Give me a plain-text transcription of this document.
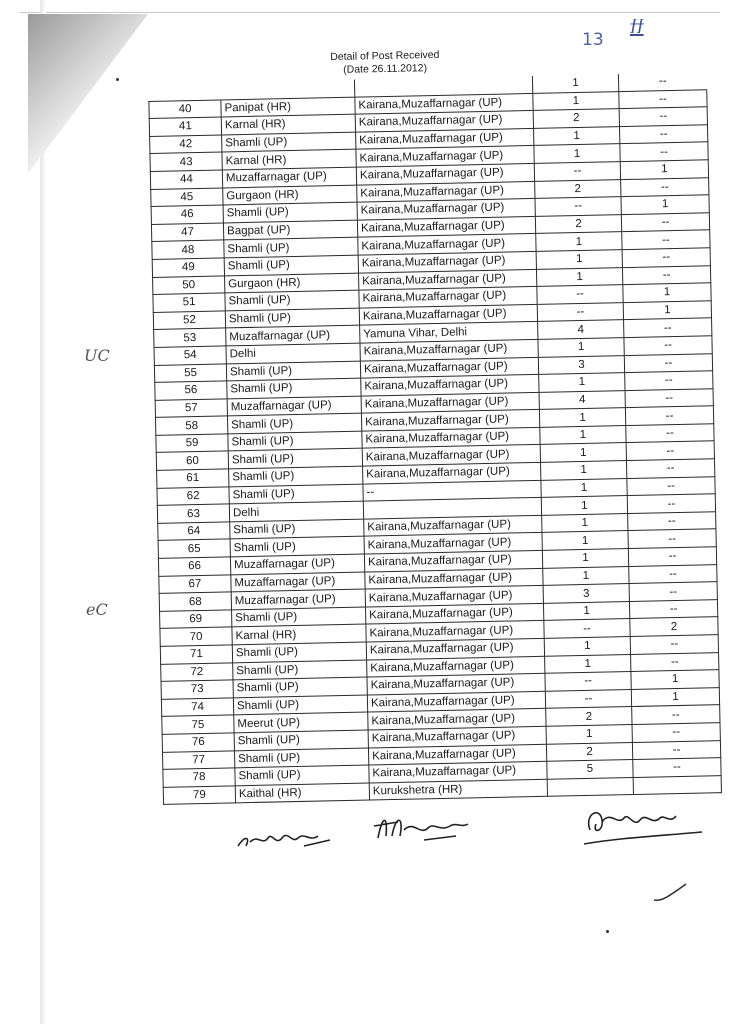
13
ϯϯ
Detail of Post Received
(Date 26.11.2012)
			1	--
40	Panipat (HR)	Kairana,Muzaffarnagar (UP)	1	--
41	Karnal (HR)	Kairana,Muzaffarnagar (UP)	2	--
42	Shamli (UP)	Kairana,Muzaffarnagar (UP)	1	--
43	Karnal (HR)	Kairana,Muzaffarnagar (UP)	1	--
44	Muzaffarnagar (UP)	Kairana,Muzaffarnagar (UP)	--	1
45	Gurgaon (HR)	Kairana,Muzaffarnagar (UP)	2	--
46	Shamli (UP)	Kairana,Muzaffarnagar (UP)	--	1
47	Bagpat (UP)	Kairana,Muzaffarnagar (UP)	2	--
48	Shamli (UP)	Kairana,Muzaffarnagar (UP)	1	--
49	Shamli (UP)	Kairana,Muzaffarnagar (UP)	1	--
50	Gurgaon (HR)	Kairana,Muzaffarnagar (UP)	1	--
51	Shamli (UP)	Kairana,Muzaffarnagar (UP)	--	1
52	Shamli (UP)	Kairana,Muzaffarnagar (UP)	--	1
53	Muzaffarnagar (UP)	Yamuna Vihar, Delhi	4	--
54	Delhi	Kairana,Muzaffarnagar (UP)	1	--
55	Shamli (UP)	Kairana,Muzaffarnagar (UP)	3	--
56	Shamli (UP)	Kairana,Muzaffarnagar (UP)	1	--
57	Muzaffarnagar (UP)	Kairana,Muzaffarnagar (UP)	4	--
58	Shamli (UP)	Kairana,Muzaffarnagar (UP)	1	--
59	Shamli (UP)	Kairana,Muzaffarnagar (UP)	1	--
60	Shamli (UP)	Kairana,Muzaffarnagar (UP)	1	--
61	Shamli (UP)	Kairana,Muzaffarnagar (UP)	1	--
62	Shamli (UP)	--	1	--
63	Delhi		1	--
64	Shamli (UP)	Kairana,Muzaffarnagar (UP)	1	--
65	Shamli (UP)	Kairana,Muzaffarnagar (UP)	1	--
66	Muzaffarnagar (UP)	Kairana,Muzaffarnagar (UP)	1	--
67	Muzaffarnagar (UP)	Kairana,Muzaffarnagar (UP)	1	--
68	Muzaffarnagar (UP)	Kairana,Muzaffarnagar (UP)	3	--
69	Shamli (UP)	Kairana,Muzaffarnagar (UP)	1	--
70	Karnal (HR)	Kairana,Muzaffarnagar (UP)	--	2
71	Shamli (UP)	Kairana,Muzaffarnagar (UP)	1	--
72	Shamli (UP)	Kairana,Muzaffarnagar (UP)	1	--
73	Shamli (UP)	Kairana,Muzaffarnagar (UP)	--	1
74	Shamli (UP)	Kairana,Muzaffarnagar (UP)	--	1
75	Meerut (UP)	Kairana,Muzaffarnagar (UP)	2	--
76	Shamli (UP)	Kairana,Muzaffarnagar (UP)	1	--
77	Shamli (UP)	Kairana,Muzaffarnagar (UP)	2	--
78	Shamli (UP)	Kairana,Muzaffarnagar (UP)	5	--
79	Kaithal (HR)	Kurukshetra (HR)		
UC
eC
